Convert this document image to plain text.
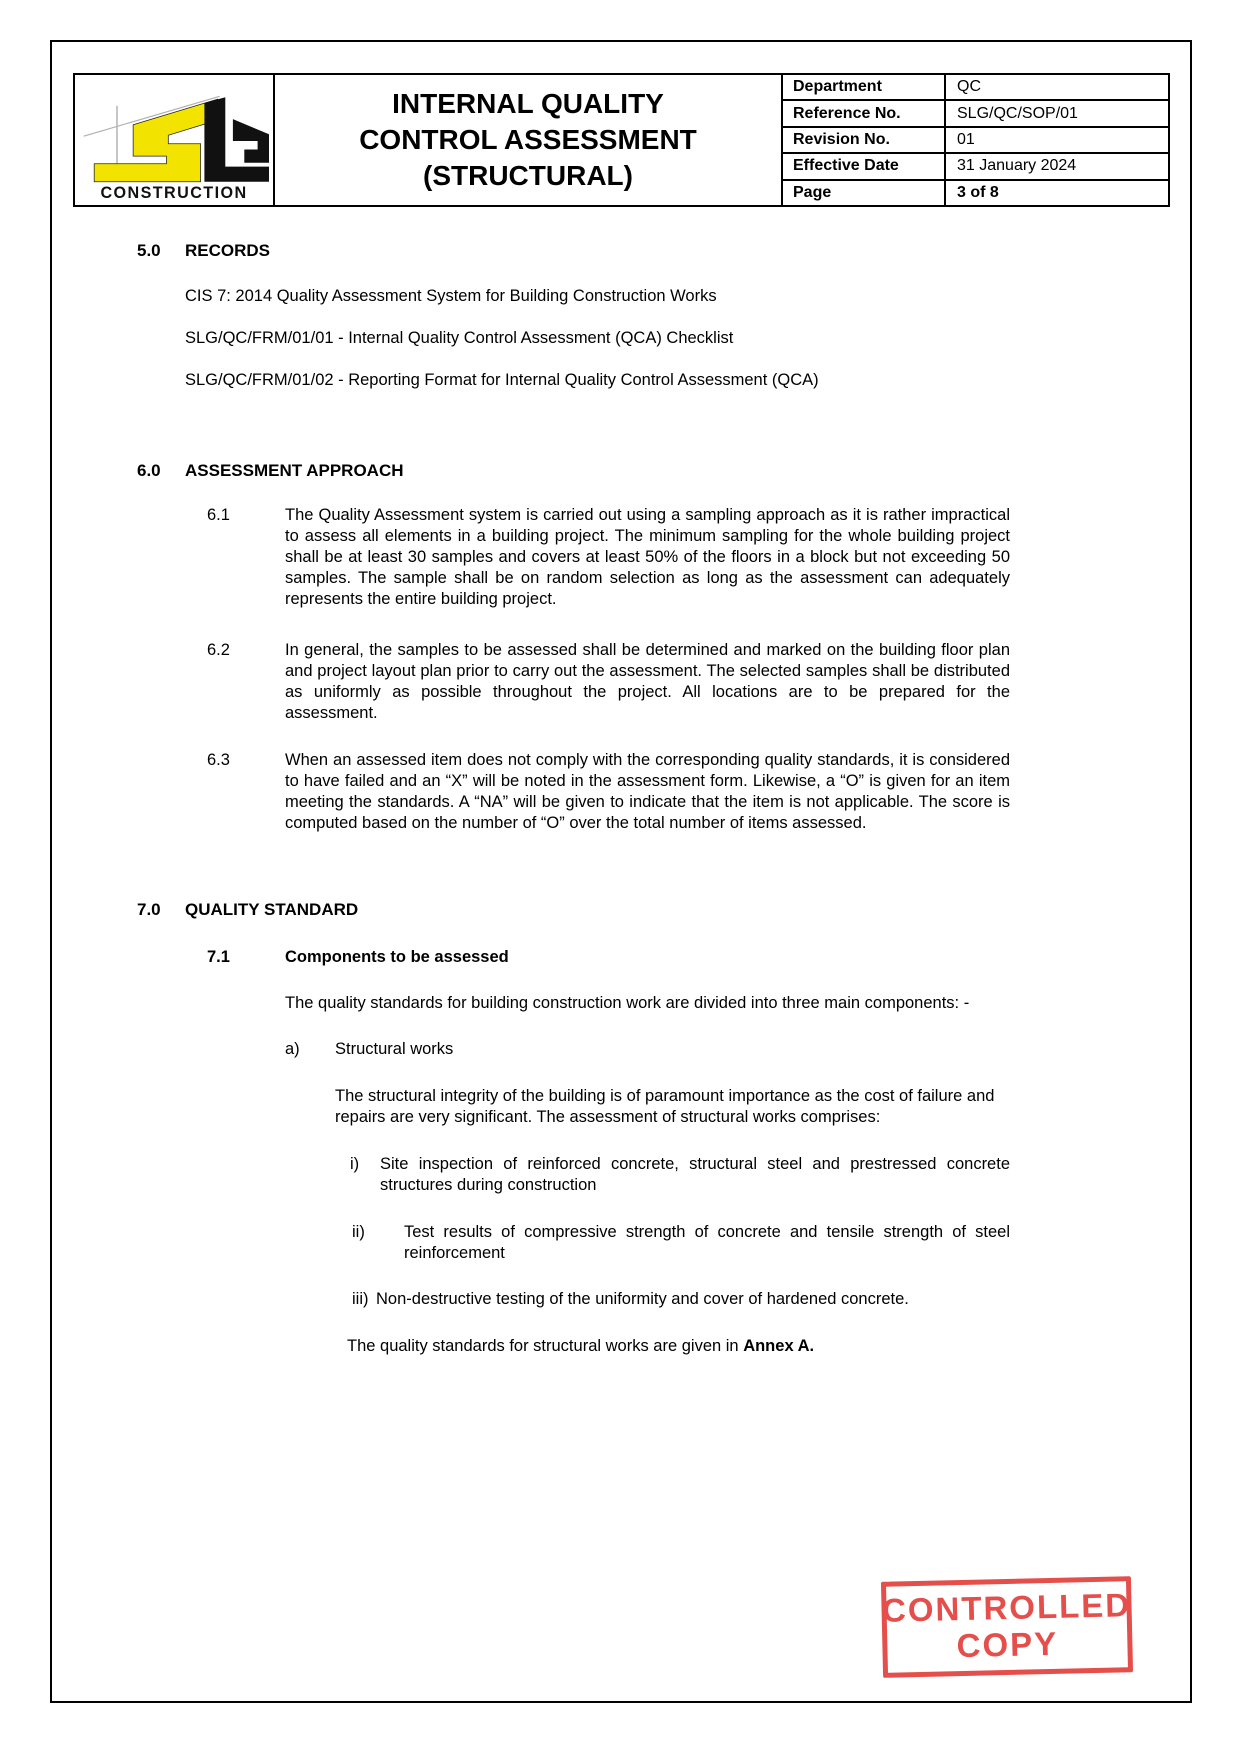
CONSTRUCTION
INTERNAL QUALITY CONTROL ASSESSMENT (STRUCTURAL)
Department	QC
Reference No.	SLG/QC/SOP/01
Revision No.	01
Effective Date	31 January 2024
Page	3 of 8
5.0	RECORDS
CIS 7: 2014 Quality Assessment System for Building Construction Works
SLG/QC/FRM/01/01 - Internal Quality Control Assessment (QCA) Checklist
SLG/QC/FRM/01/02 - Reporting Format for Internal Quality Control Assessment (QCA)
6.0	ASSESSMENT APPROACH
6.1	The Quality Assessment system is carried out using a sampling approach as it is rather impractical to assess all elements in a building project. The minimum sampling for the whole building project shall be at least 30 samples and covers at least 50% of the floors in a block but not exceeding 50 samples. The sample shall be on random selection as long as the assessment can adequately represents the entire building project.
6.2	In general, the samples to be assessed shall be determined and marked on the building floor plan and project layout plan prior to carry out the assessment. The selected samples shall be distributed as uniformly as possible throughout the project. All locations are to be prepared for the assessment.
6.3	When an assessed item does not comply with the corresponding quality standards, it is considered to have failed and an “X” will be noted in the assessment form. Likewise, a “O” is given for an item meeting the standards. A “NA” will be given to indicate that the item is not applicable. The score is computed based on the number of “O” over the total number of items assessed.
7.0	QUALITY STANDARD
7.1	Components to be assessed
The quality standards for building construction work are divided into three main components: -
a)	Structural works
The structural integrity of the building is of paramount importance as the cost of failure and repairs are very significant. The assessment of structural works comprises:
i)	Site inspection of reinforced concrete, structural steel and prestressed concrete structures during construction
ii)	Test results of compressive strength of concrete and tensile strength of steel reinforcement
iii) Non-destructive testing of the uniformity and cover of hardened concrete.
The quality standards for structural works are given in Annex A.
CONTROLLED
COPY
